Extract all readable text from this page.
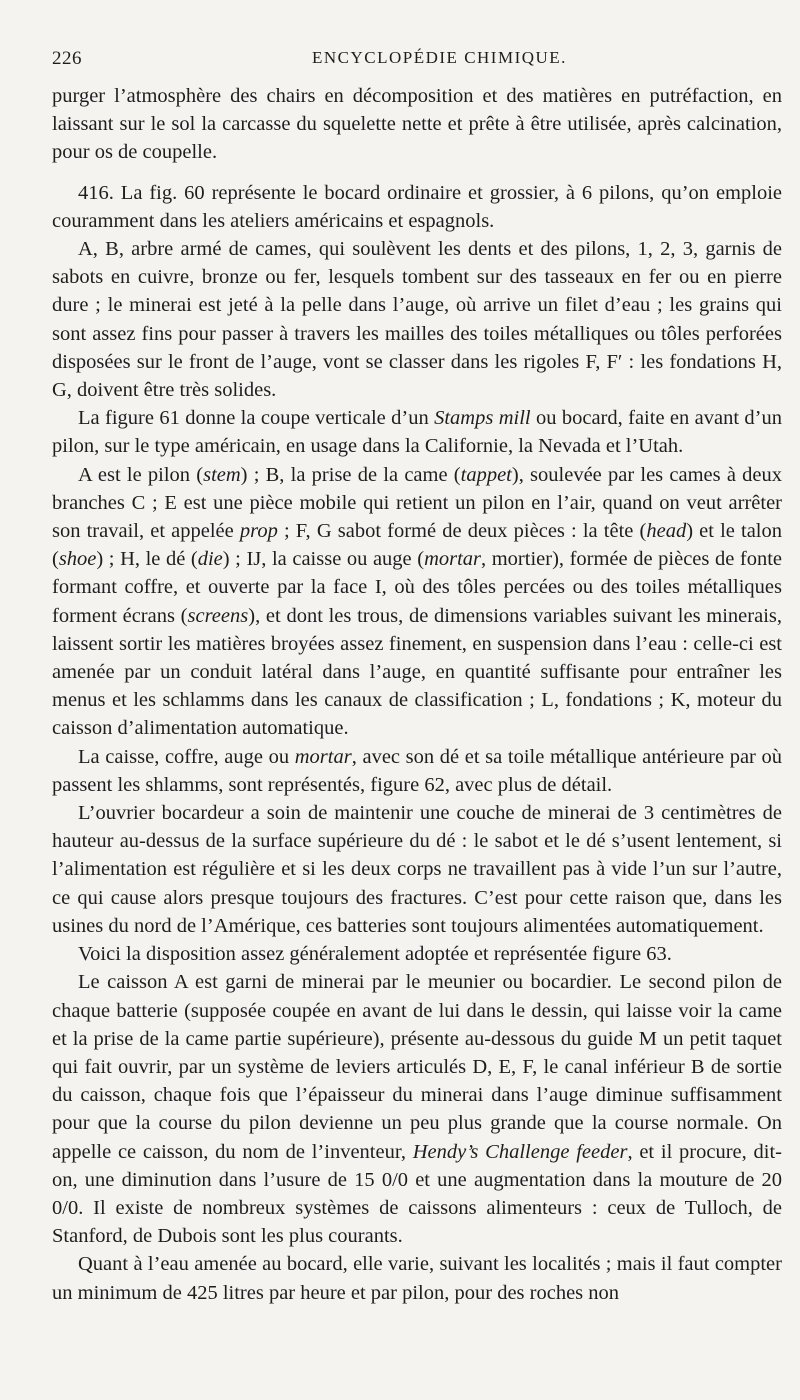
226	ENCYCLOPÉDIE CHIMIQUE.

purger l’atmosphère des chairs en décomposition et des matières en putréfaction, en laissant sur le sol la carcasse du squelette nette et prête à être utilisée, après calcination, pour os de coupelle.

416. La fig. 60 représente le bocard ordinaire et grossier, à 6 pilons, qu’on emploie couramment dans les ateliers américains et espagnols.

A, B, arbre armé de cames, qui soulèvent les dents et des pilons, 1, 2, 3, garnis de sabots en cuivre, bronze ou fer, lesquels tombent sur des tasseaux en fer ou en pierre dure ; le minerai est jeté à la pelle dans l’auge, où arrive un filet d’eau ; les grains qui sont assez fins pour passer à travers les mailles des toiles métalliques ou tôles perforées disposées sur le front de l’auge, vont se classer dans les rigoles F, F′ : les fondations H, G, doivent être très solides.

La figure 61 donne la coupe verticale d’un Stamps mill ou bocard, faite en avant d’un pilon, sur le type américain, en usage dans la Californie, la Nevada et l’Utah.

A est le pilon (stem) ; B, la prise de la came (tappet), soulevée par les cames à deux branches C ; E est une pièce mobile qui retient un pilon en l’air, quand on veut arrêter son travail, et appelée prop ; F, G sabot formé de deux pièces : la tête (head) et le talon (shoe) ; H, le dé (die) ; IJ, la caisse ou auge (mortar, mortier), formée de pièces de fonte formant coffre, et ouverte par la face I, où des tôles percées ou des toiles métalliques forment écrans (screens), et dont les trous, de dimensions variables suivant les minerais, laissent sortir les matières broyées assez finement, en suspension dans l’eau : celle-ci est amenée par un conduit latéral dans l’auge, en quantité suffisante pour entraîner les menus et les schlamms dans les canaux de classification ; L, fondations ; K, moteur du caisson d’alimentation automatique.

La caisse, coffre, auge ou mortar, avec son dé et sa toile métallique antérieure par où passent les shlamms, sont représentés, figure 62, avec plus de détail.

L’ouvrier bocardeur a soin de maintenir une couche de minerai de 3 centimètres de hauteur au-dessus de la surface supérieure du dé : le sabot et le dé s’usent lentement, si l’alimentation est régulière et si les deux corps ne travaillent pas à vide l’un sur l’autre, ce qui cause alors presque toujours des fractures. C’est pour cette raison que, dans les usines du nord de l’Amérique, ces batteries sont toujours alimentées automatiquement.

Voici la disposition assez généralement adoptée et représentée figure 63.

Le caisson A est garni de minerai par le meunier ou bocardier. Le second pilon de chaque batterie (supposée coupée en avant de lui dans le dessin, qui laisse voir la came et la prise de la came partie supérieure), présente au-dessous du guide M un petit taquet qui fait ouvrir, par un système de leviers articulés D, E, F, le canal inférieur B de sortie du caisson, chaque fois que l’épaisseur du minerai dans l’auge diminue suffisamment pour que la course du pilon devienne un peu plus grande que la course normale. On appelle ce caisson, du nom de l’inventeur, Hendy’s Challenge feeder, et il procure, dit-on, une diminution dans l’usure de 15 0/0 et une augmentation dans la mouture de 20 0/0. Il existe de nombreux systèmes de caissons alimenteurs : ceux de Tulloch, de Stanford, de Dubois sont les plus courants.

Quant à l’eau amenée au bocard, elle varie, suivant les localités ; mais il faut compter un minimum de 425 litres par heure et par pilon, pour des roches non
